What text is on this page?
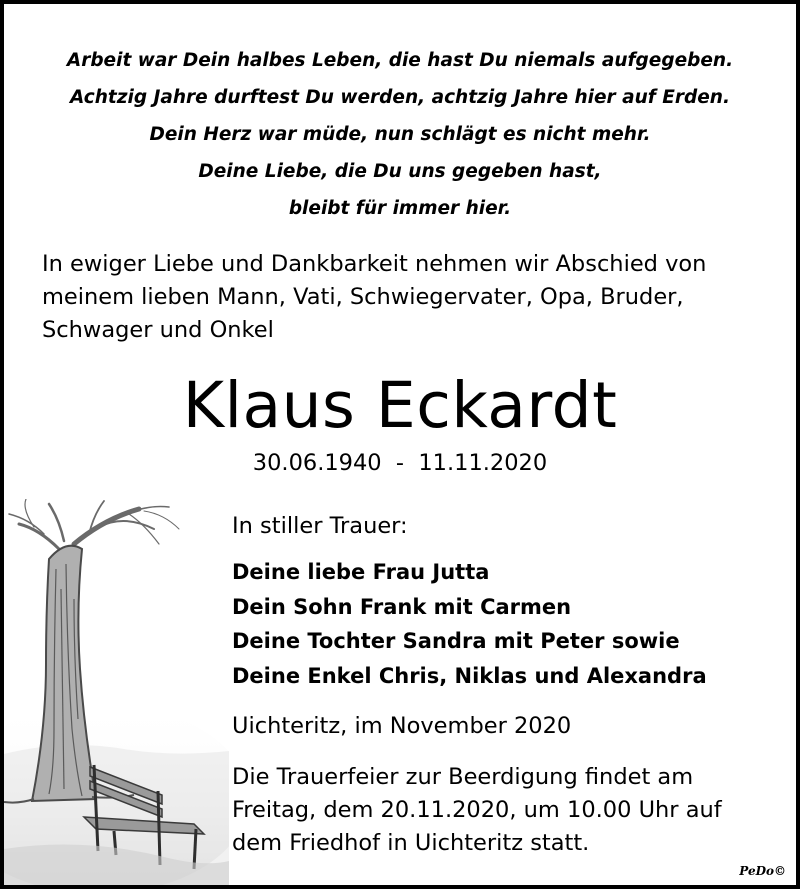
Arbeit war Dein halbes Leben, die hast Du niemals aufgegeben.
Achtzig Jahre durftest Du werden, achtzig Jahre hier auf Erden.
Dein Herz war müde, nun schlägt es nicht mehr.
Deine Liebe, die Du uns gegeben hast,
bleibt für immer hier.
In ewiger Liebe und Dankbarkeit nehmen wir Abschied von
meinem lieben Mann, Vati, Schwiegervater, Opa, Bruder,
Schwager und Onkel
Klaus Eckardt
30.06.1940  -  11.11.2020
In stiller Trauer:
Deine liebe Frau Jutta
Dein Sohn Frank mit Carmen
Deine Tochter Sandra mit Peter sowie
Deine Enkel Chris, Niklas und Alexandra
Uichteritz, im November 2020
Die Trauerfeier zur Beerdigung findet am
Freitag, dem 20.11.2020, um 10.00 Uhr auf
dem Friedhof in Uichteritz statt.
PeDo©
